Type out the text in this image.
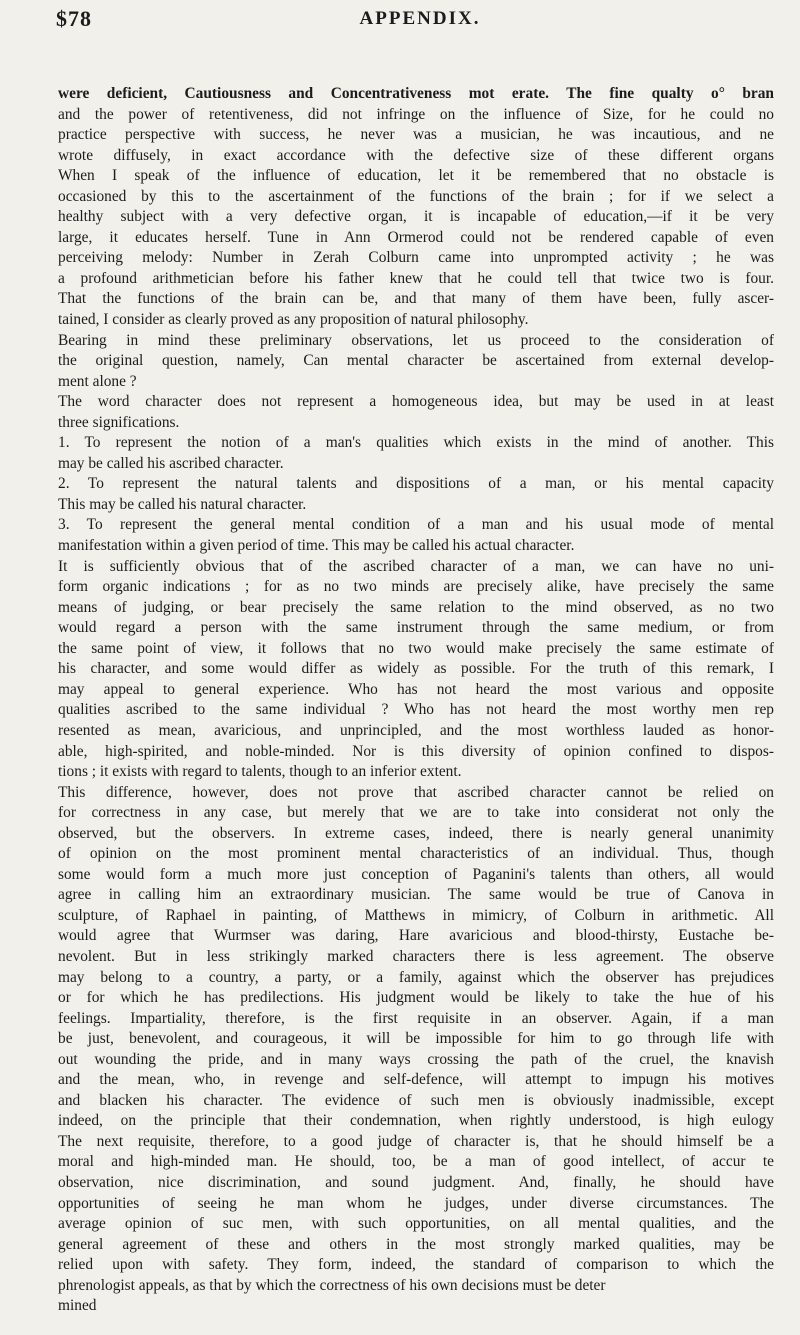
$78	APPENDIX.
were deficient, Cautiousness and Concentrativeness mot erate. The fine qualty o° bran
and the power of retentiveness, did not infringe on the influence of Size, for he could no
practice perspective with success, he never was a musician, he was incautious, and ne
wrote diffusely, in exact accordance with the defective size of these different organs
When I speak of the influence of education, let it be remembered that no obstacle is
occasioned by this to the ascertainment of the functions of the brain ; for if we select a
healthy subject with a very defective organ, it is incapable of education,—if it be very
large, it educates herself. Tune in Ann Ormerod could not be rendered capable of even
perceiving melody: Number in Zerah Colburn came into unprompted activity ; he was
a profound arithmetician before his father knew that he could tell that twice two is four.
That the functions of the brain can be, and that many of them have been, fully ascer-
tained, I consider as clearly proved as any proposition of natural philosophy.
Bearing in mind these preliminary observations, let us proceed to the consideration of
the original question, namely, Can mental character be ascertained from external develop-
ment alone ?
The word character does not represent a homogeneous idea, but may be used in at least
three significations.
1. To represent the notion of a man's qualities which exists in the mind of another. This
may be called his ascribed character.
2. To represent the natural talents and dispositions of a man, or his mental capacity
This may be called his natural character.
3. To represent the general mental condition of a man and his usual mode of mental
manifestation within a given period of time. This may be called his actual character.
It is sufficiently obvious that of the ascribed character of a man, we can have no uni-
form organic indications ; for as no two minds are precisely alike, have precisely the same
means of judging, or bear precisely the same relation to the mind observed, as no two
would regard a person with the same instrument through the same medium, or from
the same point of view, it follows that no two would make precisely the same estimate of
his character, and some would differ as widely as possible. For the truth of this remark, I
may appeal to general experience. Who has not heard the most various and opposite
qualities ascribed to the same individual ? Who has not heard the most worthy men rep
resented as mean, avaricious, and unprincipled, and the most worthless lauded as honor-
able, high-spirited, and noble-minded. Nor is this diversity of opinion confined to dispos-
tions ; it exists with regard to talents, though to an inferior extent.
This difference, however, does not prove that ascribed character cannot be relied on
for correctness in any case, but merely that we are to take into considerat  not only the
observed, but the observers. In extreme cases, indeed, there is nearly general unanimity
of opinion on the most prominent mental characteristics of an individual. Thus, though
some would form a much more just conception of Paganini's talents than others, all would
agree in calling him an extraordinary musician. The same would be true of Canova in
sculpture, of Raphael in painting, of Matthews in mimicry, of Colburn in arithmetic. All
would agree that Wurmser was daring, Hare avaricious and blood-thirsty, Eustache be-
nevolent. But in less strikingly marked characters there is less agreement. The observe
may belong to a country, a party, or a family, against which the observer has prejudices
or for which he has predilections. His judgment would be likely to take the hue of his
feelings. Impartiality, therefore, is the first requisite in an observer. Again, if a man
be just, benevolent, and courageous, it will be impossible for him to go through life with
out wounding the pride, and in many ways crossing the path of the cruel, the knavish
and the mean, who, in revenge and self-defence, will attempt to impugn his motives
and blacken his character. The evidence of such men is obviously inadmissible, except
indeed, on the principle that their condemnation, when rightly understood, is high eulogy
The next requisite, therefore, to a good judge of character is, that he should himself be a
moral and high-minded man. He should, too, be a man of good intellect, of accur te
observation, nice discrimination, and sound judgment. And, finally, he should have
opportunities of seeing he man whom he judges, under diverse circumstances. The
average opinion of suc men, with such opportunities, on all mental qualities, and the
general agreement of these and others in the most strongly marked qualities, may be
relied upon with safety. They form, indeed, the standard of comparison to which the
phrenologist appeals, as that by which the correctness of his own decisions must be deter
mined
